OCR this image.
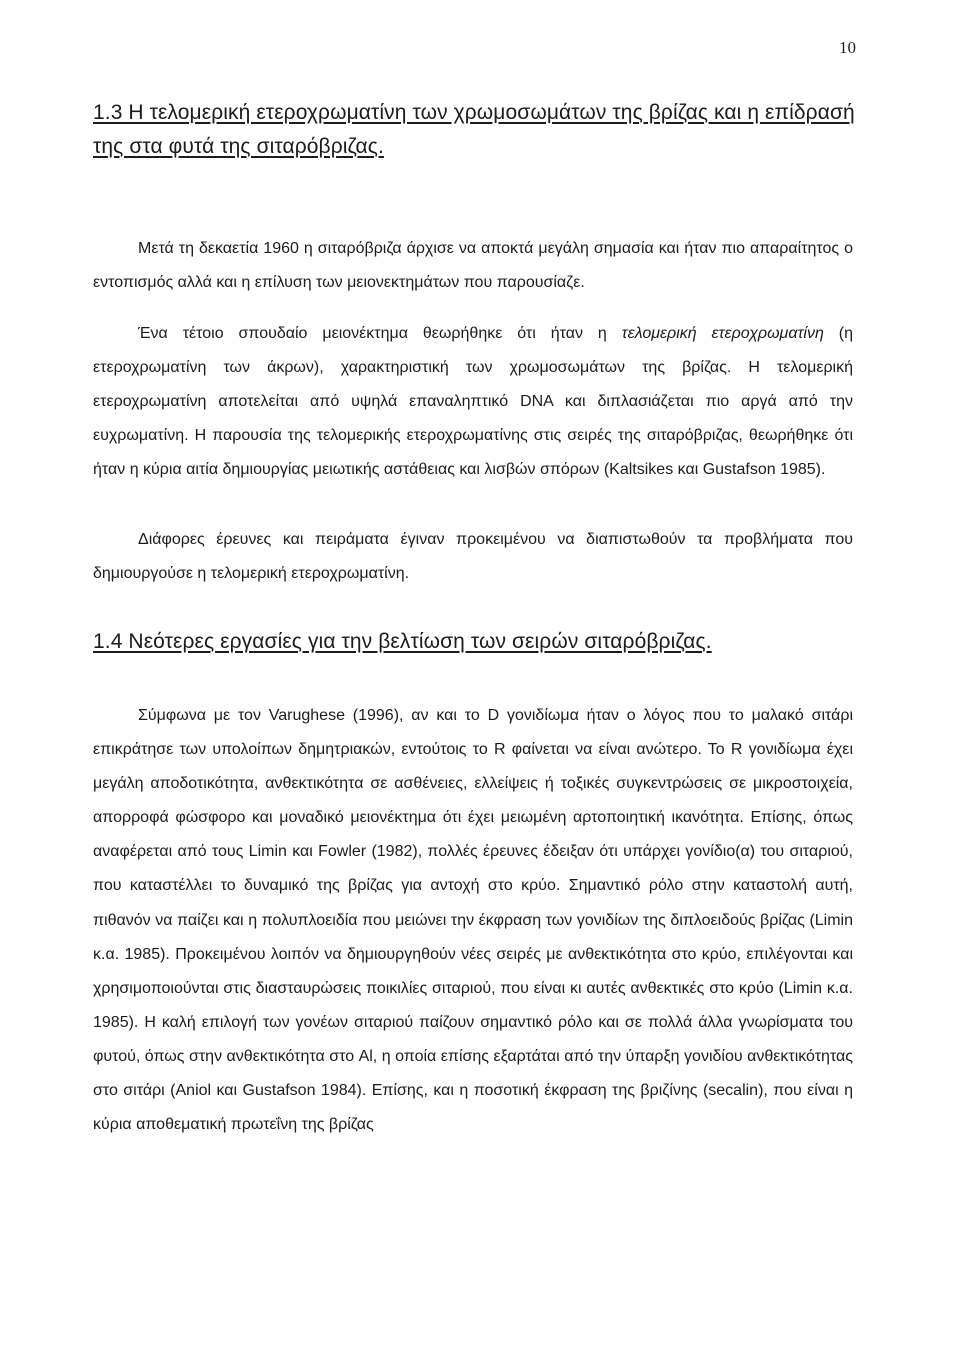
10
1.3 Η τελομερική ετεροχρωματίνη των χρωμοσωμάτων της βρίζας και η επίδρασή της στα φυτά της σιταρόβριζας.

Μετά τη δεκαετία 1960 η σιταρόβριζα άρχισε να αποκτά μεγάλη σημασία και ήταν πιο απαραίτητος ο εντοπισμός αλλά και η επίλυση των μειονεκτημάτων που παρουσίαζε.

Ένα τέτοιο σπουδαίο μειονέκτημα θεωρήθηκε ότι ήταν η τελομερική ετεροχρωματίνη (η ετεροχρωματίνη των άκρων), χαρακτηριστική των χρωμοσωμάτων της βρίζας. Η τελομερική ετεροχρωματίνη αποτελείται από υψηλά επαναληπτικό DNA και διπλασιάζεται πιο αργά από την ευχρωματίνη. Η παρουσία της τελομερικής ετεροχρωματίνης στις σειρές της σιταρόβριζας, θεωρήθηκε ότι ήταν η κύρια αιτία δημιουργίας μειωτικής αστάθειας και λισβών σπόρων (Kaltsikes και Gustafson 1985).

Διάφορες έρευνες και πειράματα έγιναν προκειμένου να διαπιστωθούν τα προβλήματα που δημιουργούσε η τελομερική ετεροχρωματίνη.

1.4 Νεότερες εργασίες για την βελτίωση των σειρών σιταρόβριζας.

Σύμφωνα με τον Varughese (1996), αν και το D γονιδίωμα ήταν ο λόγος που το μαλακό σιτάρι επικράτησε των υπολοίπων δημητριακών, εντούτοις το R φαίνεται να είναι ανώτερο. Το R γονιδίωμα έχει μεγάλη αποδοτικότητα, ανθεκτικότητα σε ασθένειες, ελλείψεις ή τοξικές συγκεντρώσεις σε μικροστοιχεία, απορροφά φώσφορο και μοναδικό μειονέκτημα ότι έχει μειωμένη αρτοποιητική ικανότητα. Επίσης, όπως αναφέρεται από τους Limin και Fowler (1982), πολλές έρευνες έδειξαν ότι υπάρχει γονίδιο(α) του σιταριού, που καταστέλλει το δυναμικό της βρίζας για αντοχή στο κρύο. Σημαντικό ρόλο στην καταστολή αυτή, πιθανόν να παίζει και η πολυπλοειδία που μειώνει την έκφραση των γονιδίων της διπλοειδούς βρίζας (Limin κ.α. 1985). Προκειμένου λοιπόν να δημιουργηθούν νέες σειρές με ανθεκτικότητα στο κρύο, επιλέγονται και χρησιμοποιούνται στις διασταυρώσεις ποικιλίες σιταριού, που είναι κι αυτές ανθεκτικές στο κρύο (Limin κ.α. 1985). Η καλή επιλογή των γονέων σιταριού παίζουν σημαντικό ρόλο και σε πολλά άλλα γνωρίσματα του φυτού, όπως στην ανθεκτικότητα στο Al, η οποία επίσης εξαρτάται από την ύπαρξη γονιδίου ανθεκτικότητας στο σιτάρι (Aniol και Gustafson 1984). Επίσης, και η ποσοτική έκφραση της βριζίνης (secalin), που είναι η κύρια αποθεματική πρωτεΐνη της βρίζας
